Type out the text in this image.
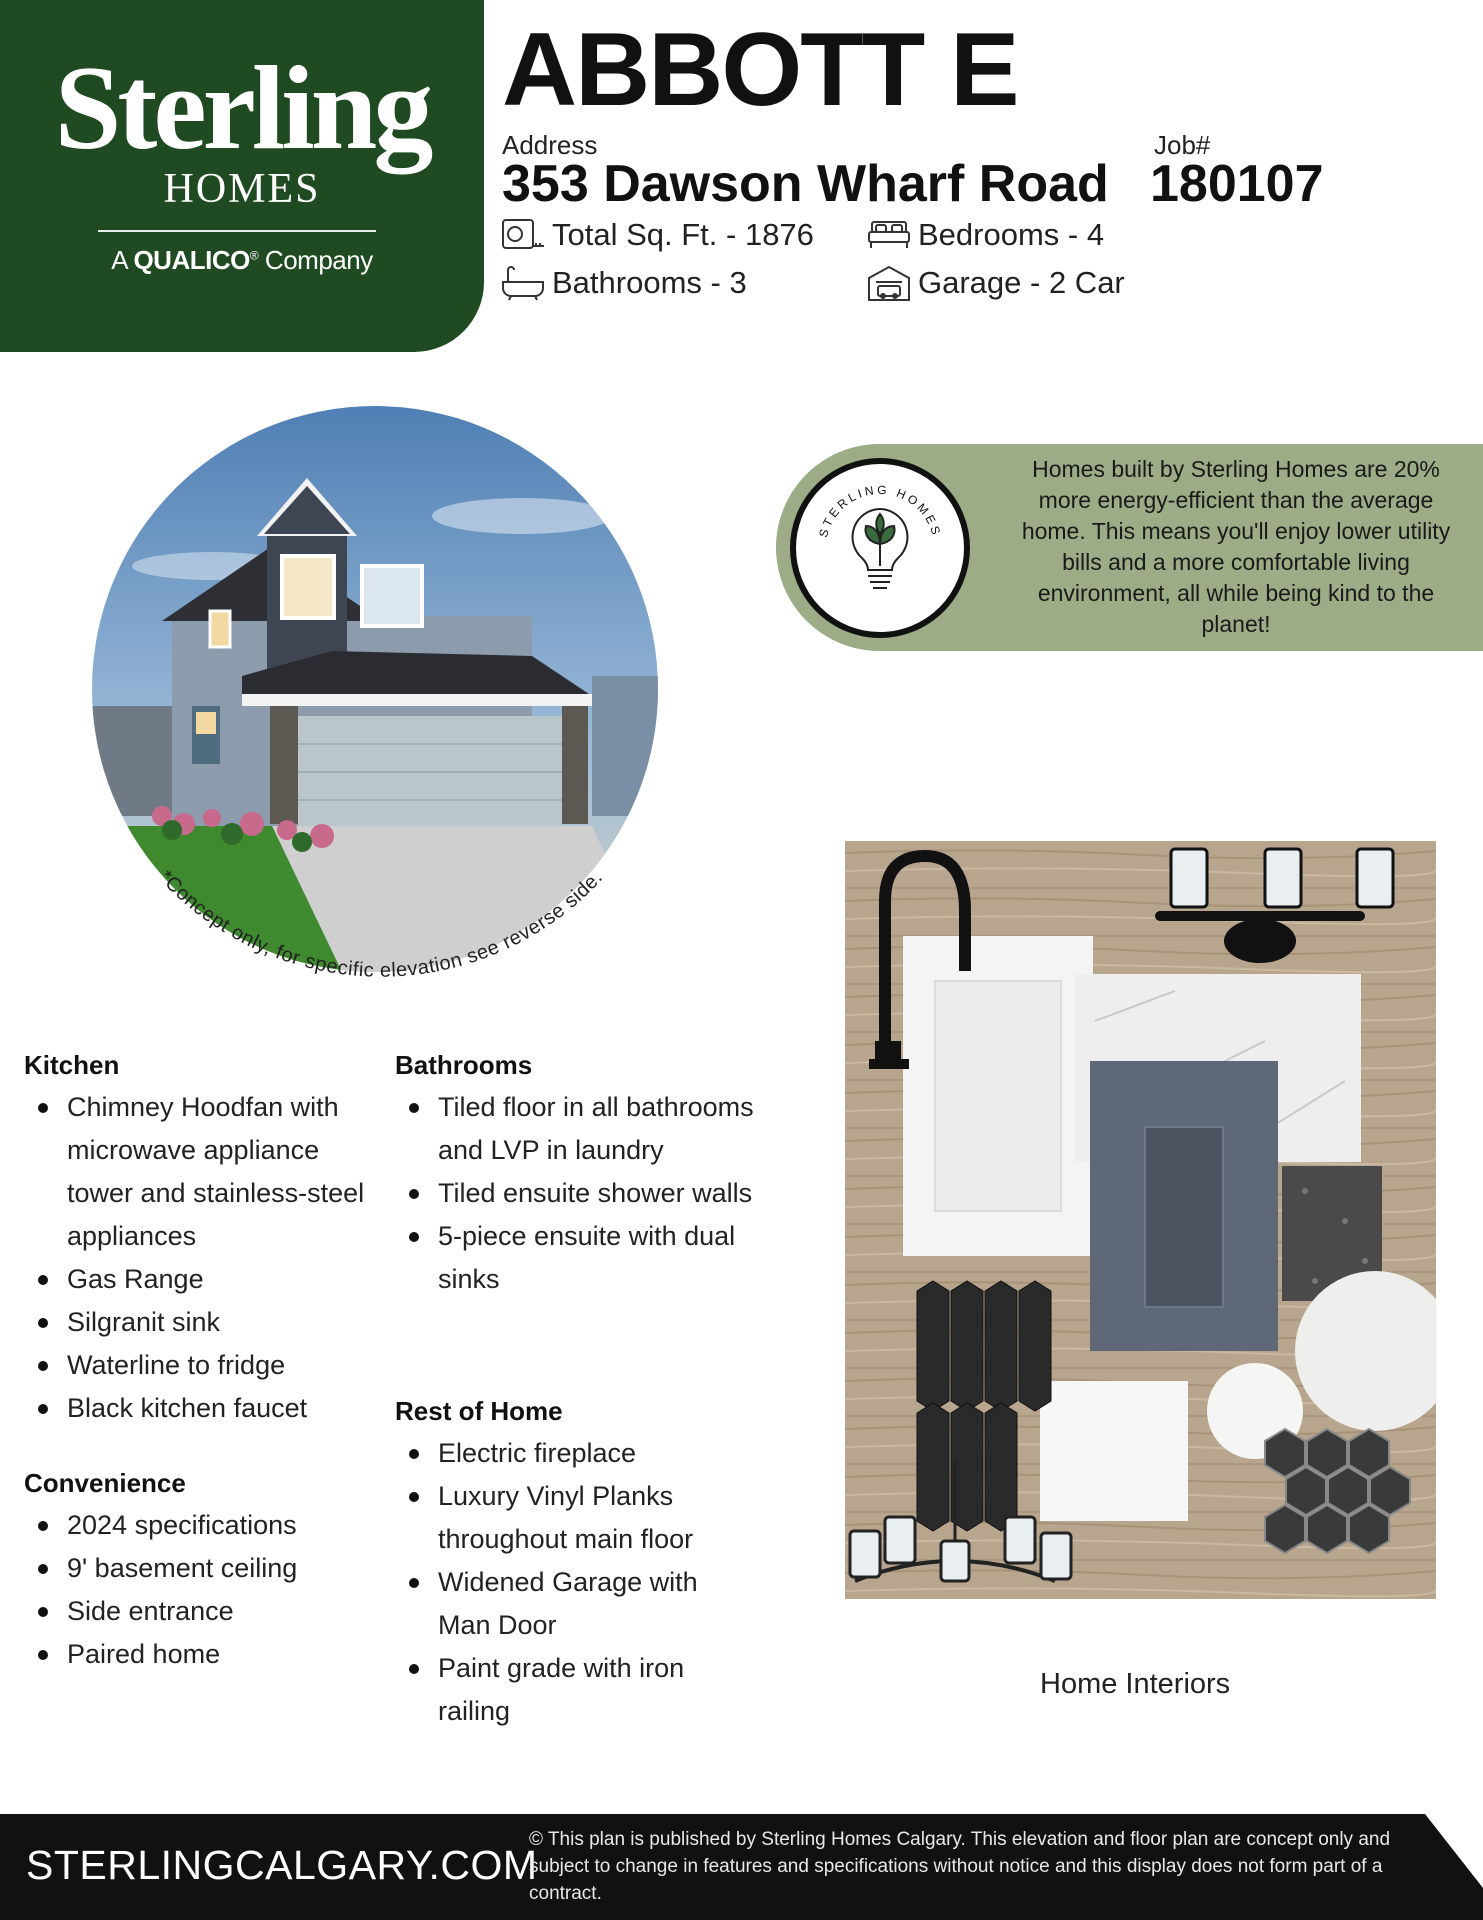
Sterling
HOMES
A QUALICO® Company
ABBOTT E
Address
353 Dawson Wharf Road
Job#
180107
Total Sq. Ft. - 1876	Bedrooms - 4
Bathrooms - 3	Garage - 2 Car
*Concept only, for specific elevation see reverse side.
STERLING HOMES
Homes built by Sterling Homes are 20% more energy-efficient than the average home. This means you'll enjoy lower utility bills and a more comfortable living environment, all while being kind to the planet!
Kitchen
Chimney Hoodfan with microwave appliance tower and stainless-steel appliances
Gas Range
Silgranit sink
Waterline to fridge
Black kitchen faucet
Convenience
2024 specifications
9' basement ceiling
Side entrance
Paired home
Bathrooms
Tiled floor in all bathrooms and LVP in laundry
Tiled ensuite shower walls
5-piece ensuite with dual sinks
Rest of Home
Electric fireplace
Luxury Vinyl Planks throughout main floor
Widened Garage with Man Door
Paint grade with iron railing
Home Interiors
STERLINGCALGARY.COM
© This plan is published by Sterling Homes Calgary. This elevation and floor plan are concept only and subject to change in features and specifications without notice and this display does not form part of a contract.
